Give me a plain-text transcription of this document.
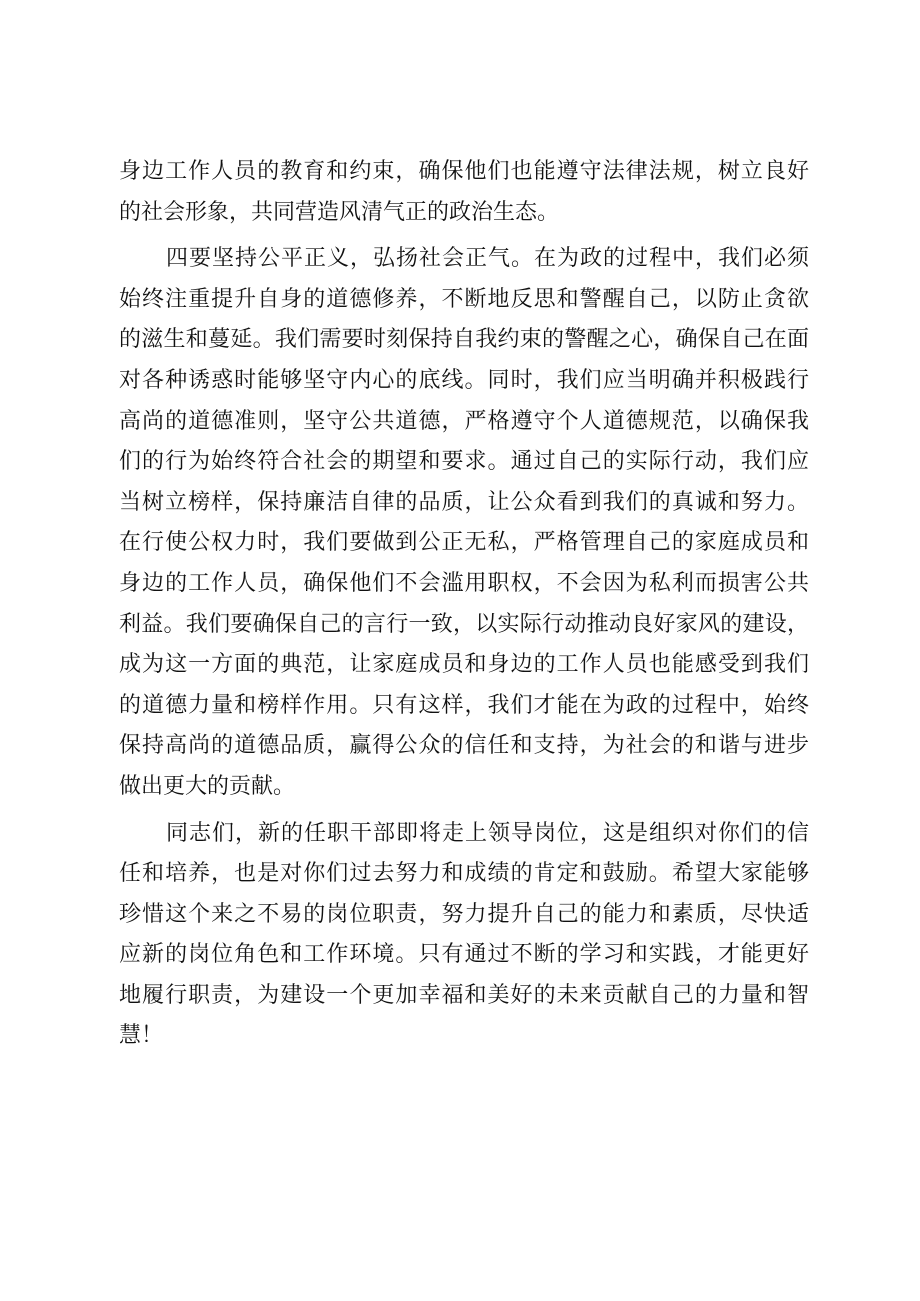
身边工作人员的教育和约束，确保他们也能遵守法律法规，树立良好
的社会形象，共同营造风清气正的政治生态。
四要坚持公平正义，弘扬社会正气。在为政的过程中，我们必须
始终注重提升自身的道德修养，不断地反思和警醒自己，以防止贪欲
的滋生和蔓延。我们需要时刻保持自我约束的警醒之心，确保自己在面
对各种诱惑时能够坚守内心的底线。同时，我们应当明确并积极践行
高尚的道德准则，坚守公共道德，严格遵守个人道德规范，以确保我
们的行为始终符合社会的期望和要求。通过自己的实际行动，我们应
当树立榜样，保持廉洁自律的品质，让公众看到我们的真诚和努力。
在行使公权力时，我们要做到公正无私，严格管理自己的家庭成员和
身边的工作人员，确保他们不会滥用职权，不会因为私利而损害公共
利益。我们要确保自己的言行一致，以实际行动推动良好家风的建设，
成为这一方面的典范，让家庭成员和身边的工作人员也能感受到我们
的道德力量和榜样作用。只有这样，我们才能在为政的过程中，始终
保持高尚的道德品质，赢得公众的信任和支持，为社会的和谐与进步
做出更大的贡献。
同志们，新的任职干部即将走上领导岗位，这是组织对你们的信
任和培养，也是对你们过去努力和成绩的肯定和鼓励。希望大家能够
珍惜这个来之不易的岗位职责，努力提升自己的能力和素质，尽快适
应新的岗位角色和工作环境。只有通过不断的学习和实践，才能更好
地履行职责，为建设一个更加幸福和美好的未来贡献自己的力量和智
慧！
